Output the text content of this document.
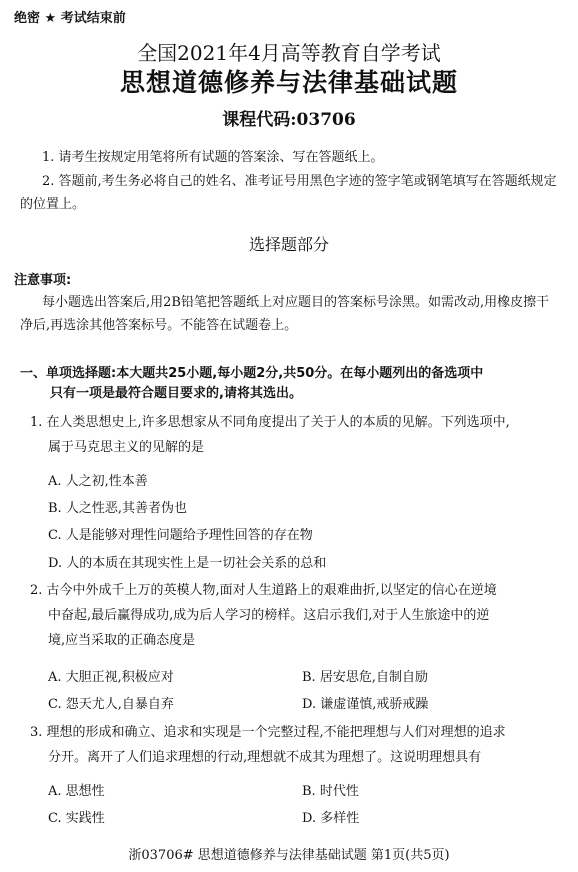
绝密 ★ 考试结束前
全国2021年4月高等教育自学考试
思想道德修养与法律基础试题
课程代码:03706
1. 请考生按规定用笔将所有试题的答案涂、写在答题纸上。
2. 答题前,考生务必将自己的姓名、准考证号用黑色字迹的签字笔或钢笔填写在答题纸规定的位置上。
选择题部分
注意事项:
每小题选出答案后,用2B铅笔把答题纸上对应题目的答案标号涂黑。如需改动,用橡皮擦干净后,再选涂其他答案标号。不能答在试题卷上。
一、单项选择题:本大题共25小题,每小题2分,共50分。在每小题列出的备选项中
只有一项是最符合题目要求的,请将其选出。
1. 在人类思想史上,许多思想家从不同角度提出了关于人的本质的见解。下列选项中,
属于马克思主义的见解的是
A. 人之初,性本善
B. 人之性恶,其善者伪也
C. 人是能够对理性问题给予理性回答的存在物
D. 人的本质在其现实性上是一切社会关系的总和
2. 古今中外成千上万的英模人物,面对人生道路上的艰难曲折,以坚定的信心在逆境
中奋起,最后赢得成功,成为后人学习的榜样。这启示我们,对于人生旅途中的逆
境,应当采取的正确态度是
A. 大胆正视,积极应对	B. 居安思危,自制自励
C. 怨天尤人,自暴自弃	D. 谦虚谨慎,戒骄戒躁
3. 理想的形成和确立、追求和实现是一个完整过程,不能把理想与人们对理想的追求
分开。离开了人们追求理想的行动,理想就不成其为理想了。这说明理想具有
A. 思想性	B. 时代性
C. 实践性	D. 多样性
浙03706# 思想道德修养与法律基础试题 第1页(共5页)
